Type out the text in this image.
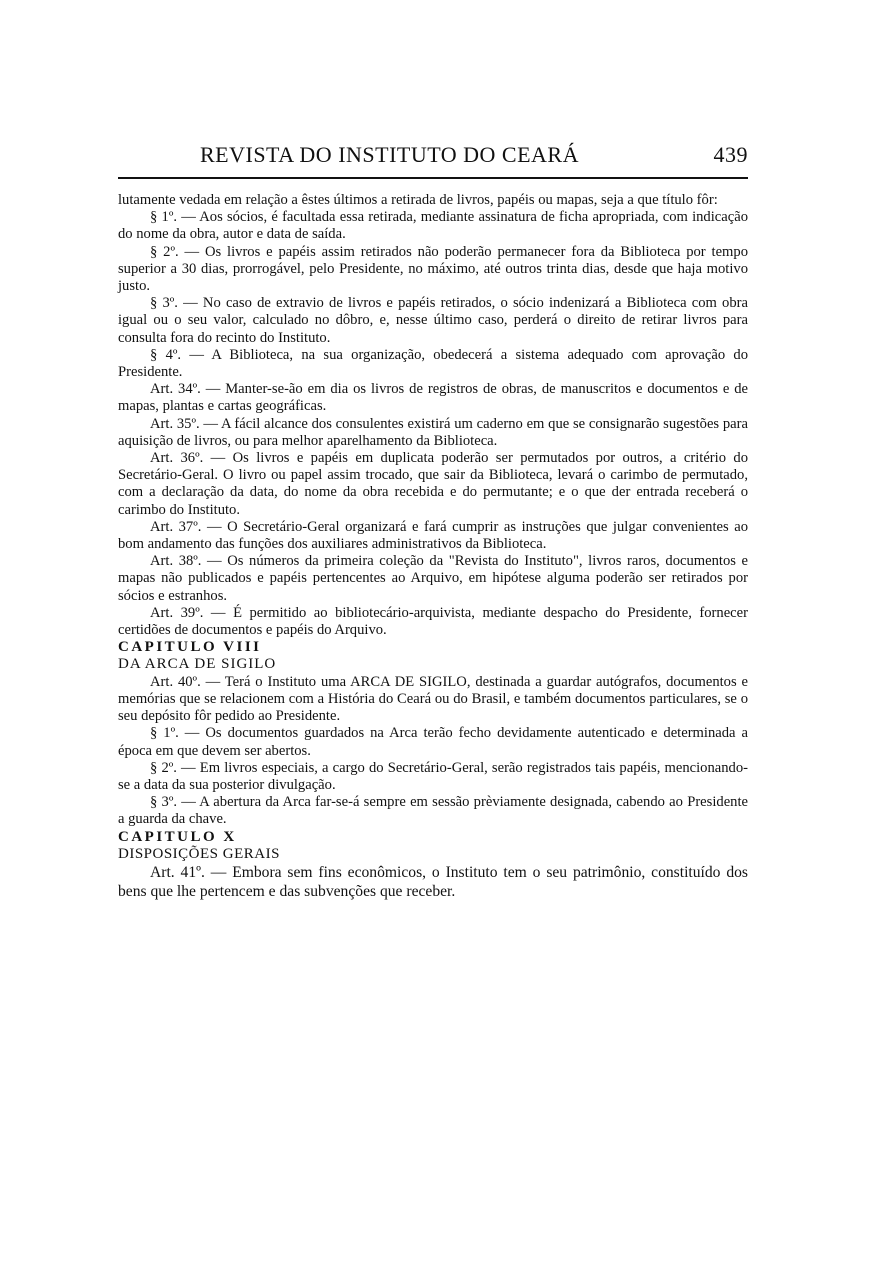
REVISTA DO INSTITUTO DO CEARÁ	439

lutamente vedada em relação a êstes últimos a retirada de livros, papéis ou mapas, seja a que título fôr:

§ 1º. — Aos sócios, é facultada essa retirada, mediante assinatura de ficha apropriada, com indicação do nome da obra, autor e data de saída.

§ 2º. — Os livros e papéis assim retirados não poderão permanecer fora da Biblioteca por tempo superior a 30 dias, prorrogável, pelo Presidente, no máximo, até outros trinta dias, desde que haja motivo justo.

§ 3º. — No caso de extravio de livros e papéis retirados, o sócio indenizará a Biblioteca com obra igual ou o seu valor, calculado no dôbro, e, nesse último caso, perderá o direito de retirar livros para consulta fora do recinto do Instituto.

§ 4º. — A Biblioteca, na sua organização, obedecerá a sistema adequado com aprovação do Presidente.

Art. 34º. — Manter-se-ão em dia os livros de registros de obras, de manuscritos e documentos e de mapas, plantas e cartas geográficas.

Art. 35º. — A fácil alcance dos consulentes existirá um caderno em que se consignarão sugestões para aquisição de livros, ou para melhor aparelhamento da Biblioteca.

Art. 36º. — Os livros e papéis em duplicata poderão ser permutados por outros, a critério do Secretário-Geral. O livro ou papel assim trocado, que sair da Biblioteca, levará o carimbo de permutado, com a declaração da data, do nome da obra recebida e do permutante; e o que der entrada receberá o carimbo do Instituto.

Art. 37º. — O Secretário-Geral organizará e fará cumprir as instruções que julgar convenientes ao bom andamento das funções dos auxiliares administrativos da Biblioteca.

Art. 38º. — Os números da primeira coleção da "Revista do Instituto", livros raros, documentos e mapas não publicados e papéis pertencentes ao Arquivo, em hipótese alguma poderão ser retirados por sócios e estranhos.

Art. 39º. — É permitido ao bibliotecário-arquivista, mediante despacho do Presidente, fornecer certidões de documentos e papéis do Arquivo.

CAPITULO VIII

DA ARCA DE SIGILO

Art. 40º. — Terá o Instituto uma ARCA DE SIGILO, destinada a guardar autógrafos, documentos e memórias que se relacionem com a História do Ceará ou do Brasil, e também documentos particulares, se o seu depósito fôr pedido ao Presidente.

§ 1º. — Os documentos guardados na Arca terão fecho devidamente autenticado e determinada a época em que devem ser abertos.

§ 2º. — Em livros especiais, a cargo do Secretário-Geral, serão registrados tais papéis, mencionando-se a data da sua posterior divulgação.

§ 3º. — A abertura da Arca far-se-á sempre em sessão prèviamente designada, cabendo ao Presidente a guarda da chave.

CAPITULO X

DISPOSIÇÕES GERAIS

Art. 41º. — Embora sem fins econômicos, o Instituto tem o seu patrimônio, constituído dos bens que lhe pertencem e das subvenções que receber.
